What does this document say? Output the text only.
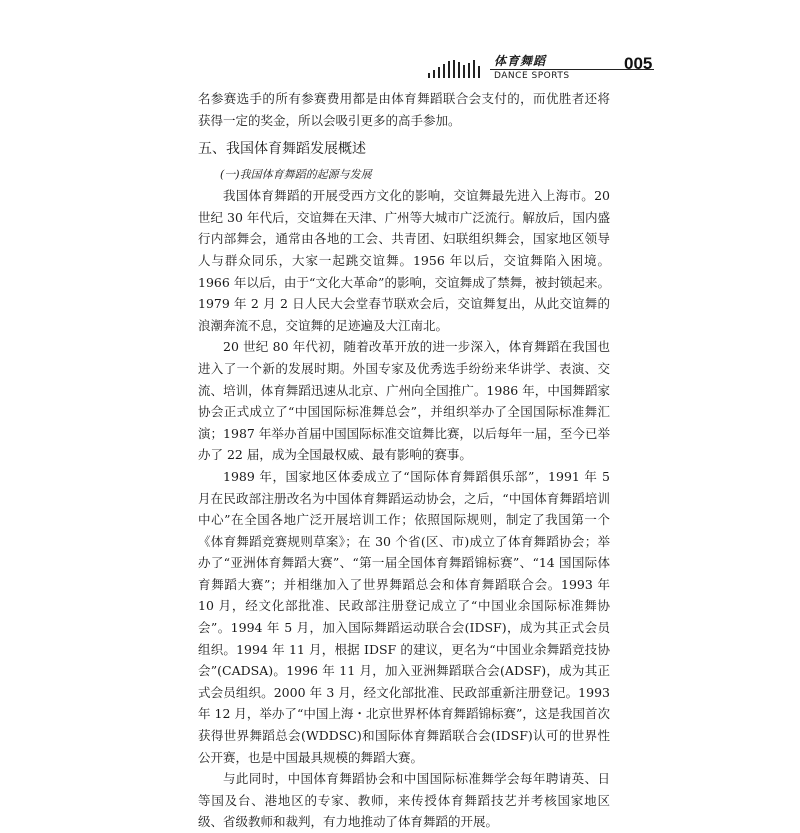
体育舞蹈
DANCE SPORTS
005

名参赛选手的所有参赛费用都是由体育舞蹈联合会支付的，而优胜者还将获得一定的奖金，所以会吸引更多的高手参加。

五、我国体育舞蹈发展概述
(一)我国体育舞蹈的起源与发展

我国体育舞蹈的开展受西方文化的影响，交谊舞最先进入上海市。20 世纪 30 年代后，交谊舞在天津、广州等大城市广泛流行。解放后，国内盛行内部舞会，通常由各地的工会、共青团、妇联组织舞会，国家地区领导人与群众同乐，大家一起跳交谊舞。1956 年以后，交谊舞陷入困境。1966 年以后，由于“文化大革命”的影响，交谊舞成了禁舞，被封锁起来。1979 年 2 月 2 日人民大会堂春节联欢会后，交谊舞复出，从此交谊舞的浪潮奔流不息，交谊舞的足迹遍及大江南北。

20 世纪 80 年代初，随着改革开放的进一步深入，体育舞蹈在我国也进入了一个新的发展时期。外国专家及优秀选手纷纷来华讲学、表演、交流、培训，体育舞蹈迅速从北京、广州向全国推广。1986 年，中国舞蹈家协会正式成立了“中国国际标准舞总会”，并组织举办了全国国际标准舞汇演；1987 年举办首届中国国际标准交谊舞比赛，以后每年一届，至今已举办了 22 届，成为全国最权威、最有影响的赛事。

1989 年，国家地区体委成立了“国际体育舞蹈俱乐部”，1991 年 5 月在民政部注册改名为中国体育舞蹈运动协会，之后，“中国体育舞蹈培训中心”在全国各地广泛开展培训工作；依照国际规则，制定了我国第一个《体育舞蹈竞赛规则草案》；在 30 个省(区、市)成立了体育舞蹈协会；举办了“亚洲体育舞蹈大赛”、“第一届全国体育舞蹈锦标赛”、“14 国国际体育舞蹈大赛”；并相继加入了世界舞蹈总会和体育舞蹈联合会。1993 年 10 月，经文化部批准、民政部注册登记成立了“中国业余国际标准舞协会”。1994 年 5 月，加入国际舞蹈运动联合会(IDSF)，成为其正式会员组织。1994 年 11 月，根据 IDSF 的建议，更名为“中国业余舞蹈竞技协会”(CADSA)。1996 年 11 月，加入亚洲舞蹈联合会(ADSF)，成为其正式会员组织。2000 年 3 月，经文化部批准、民政部重新注册登记。1993 年 12 月，举办了“中国上海・北京世界杯体育舞蹈锦标赛”，这是我国首次获得世界舞蹈总会(WDDSC)和国际体育舞蹈联合会(IDSF)认可的世界性公开赛，也是中国最具规模的舞蹈大赛。

与此同时，中国体育舞蹈协会和中国国际标准舞学会每年聘请英、日等国及台、港地区的专家、教师，来传授体育舞蹈技艺并考核国家地区级、省级教师和裁判，有力地推动了体育舞蹈的开展。
